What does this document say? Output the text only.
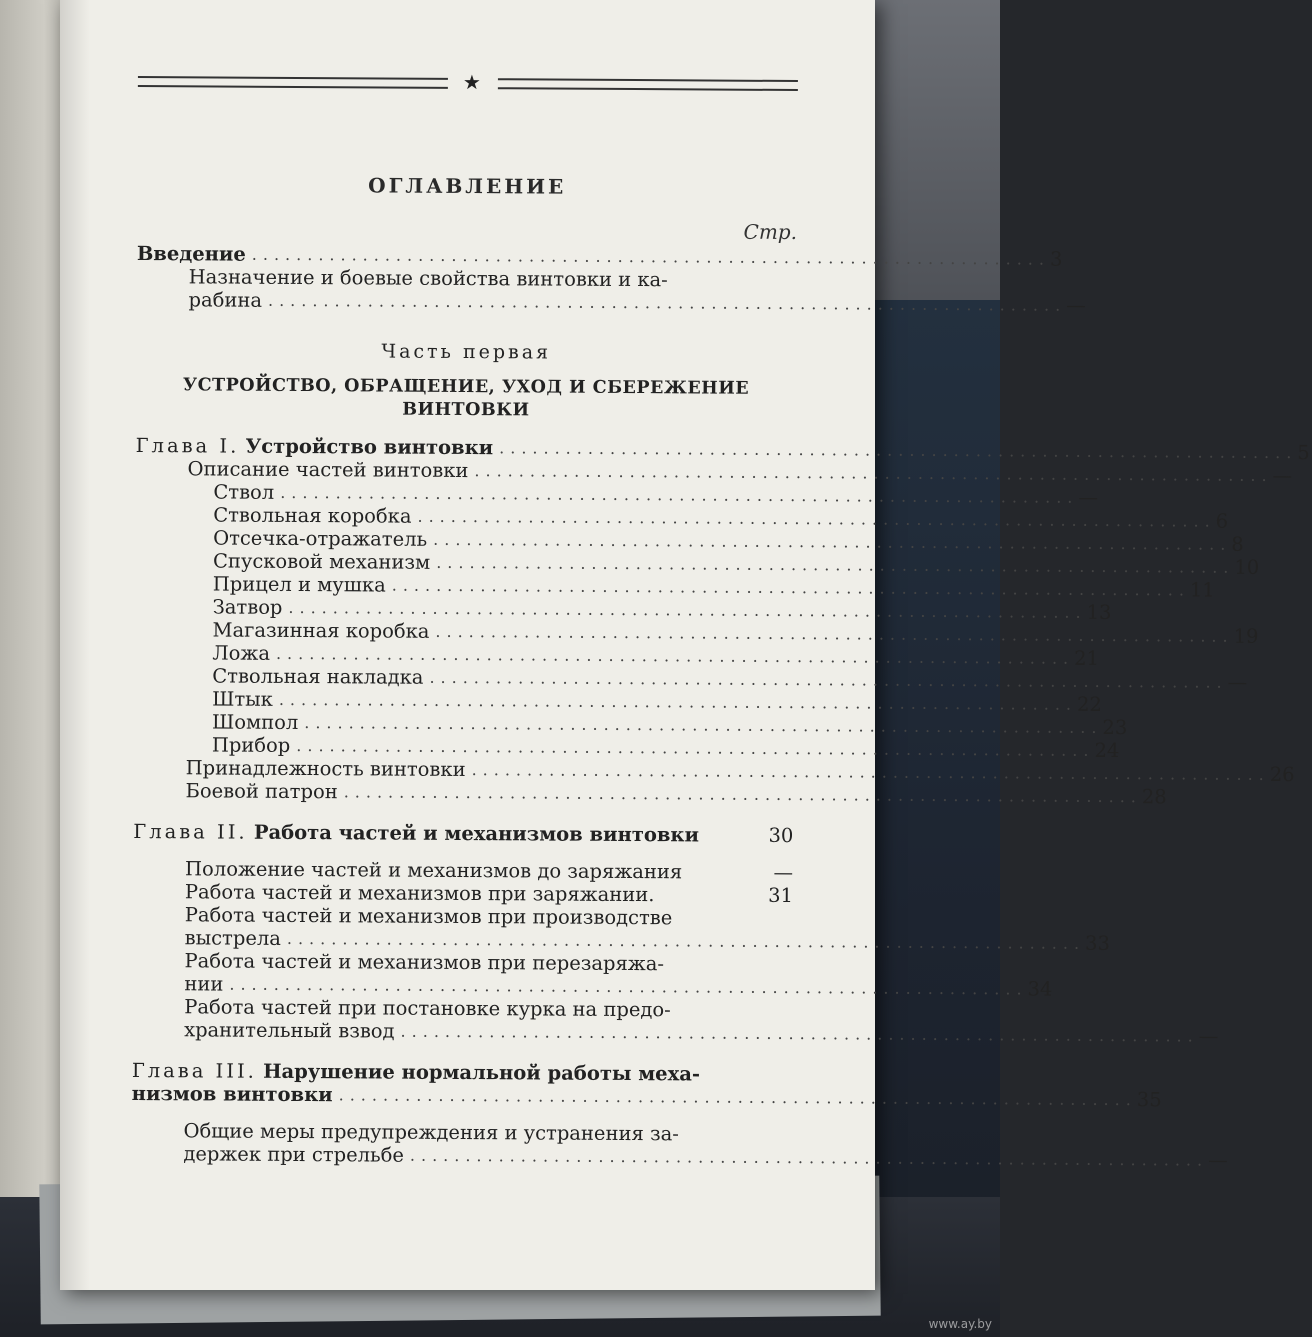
★
ОГЛАВЛЕНИЕ
Стр.
Введение ........................................................................ 3
Назначение и боевые свойства винтовки и ка-
рабина ........................................................................ —
Часть первая
УСТРОЙСТВО, ОБРАЩЕНИЕ, УХОД И СБЕРЕЖЕНИЕ
ВИНТОВКИ
Глава I. Устройство винтовки ........................................................................ 5
Описание частей винтовки ........................................................................ —
Ствол ........................................................................ —
Ствольная коробка ........................................................................ 6
Отсечка-отражатель ........................................................................ 8
Спусковой механизм ........................................................................ 10
Прицел и мушка ........................................................................ 11
Затвор ........................................................................ 13
Магазинная коробка ........................................................................ 19
Ложа ........................................................................ 21
Ствольная накладка ........................................................................ —
Штык ........................................................................ 22
Шомпол ........................................................................ 23
Прибор ........................................................................ 24
Принадлежность винтовки ........................................................................ 26
Боевой патрон ........................................................................ 28
Глава II. Работа частей и механизмов винтовки	30
Положение частей и механизмов до заряжания	—
Работа частей и механизмов при заряжании.	31
Работа частей и механизмов при производстве
выстрела ........................................................................ 33
Работа частей и механизмов при перезаряжа-
нии ........................................................................ 34
Работа частей при постановке курка на предо-
хранительный взвод ........................................................................ —
Глава III. Нарушение нормальной работы меха-
низмов винтовки ........................................................................ 35
Общие меры предупреждения и устранения за-
держек при стрельбе ........................................................................ —
www.ay.by
